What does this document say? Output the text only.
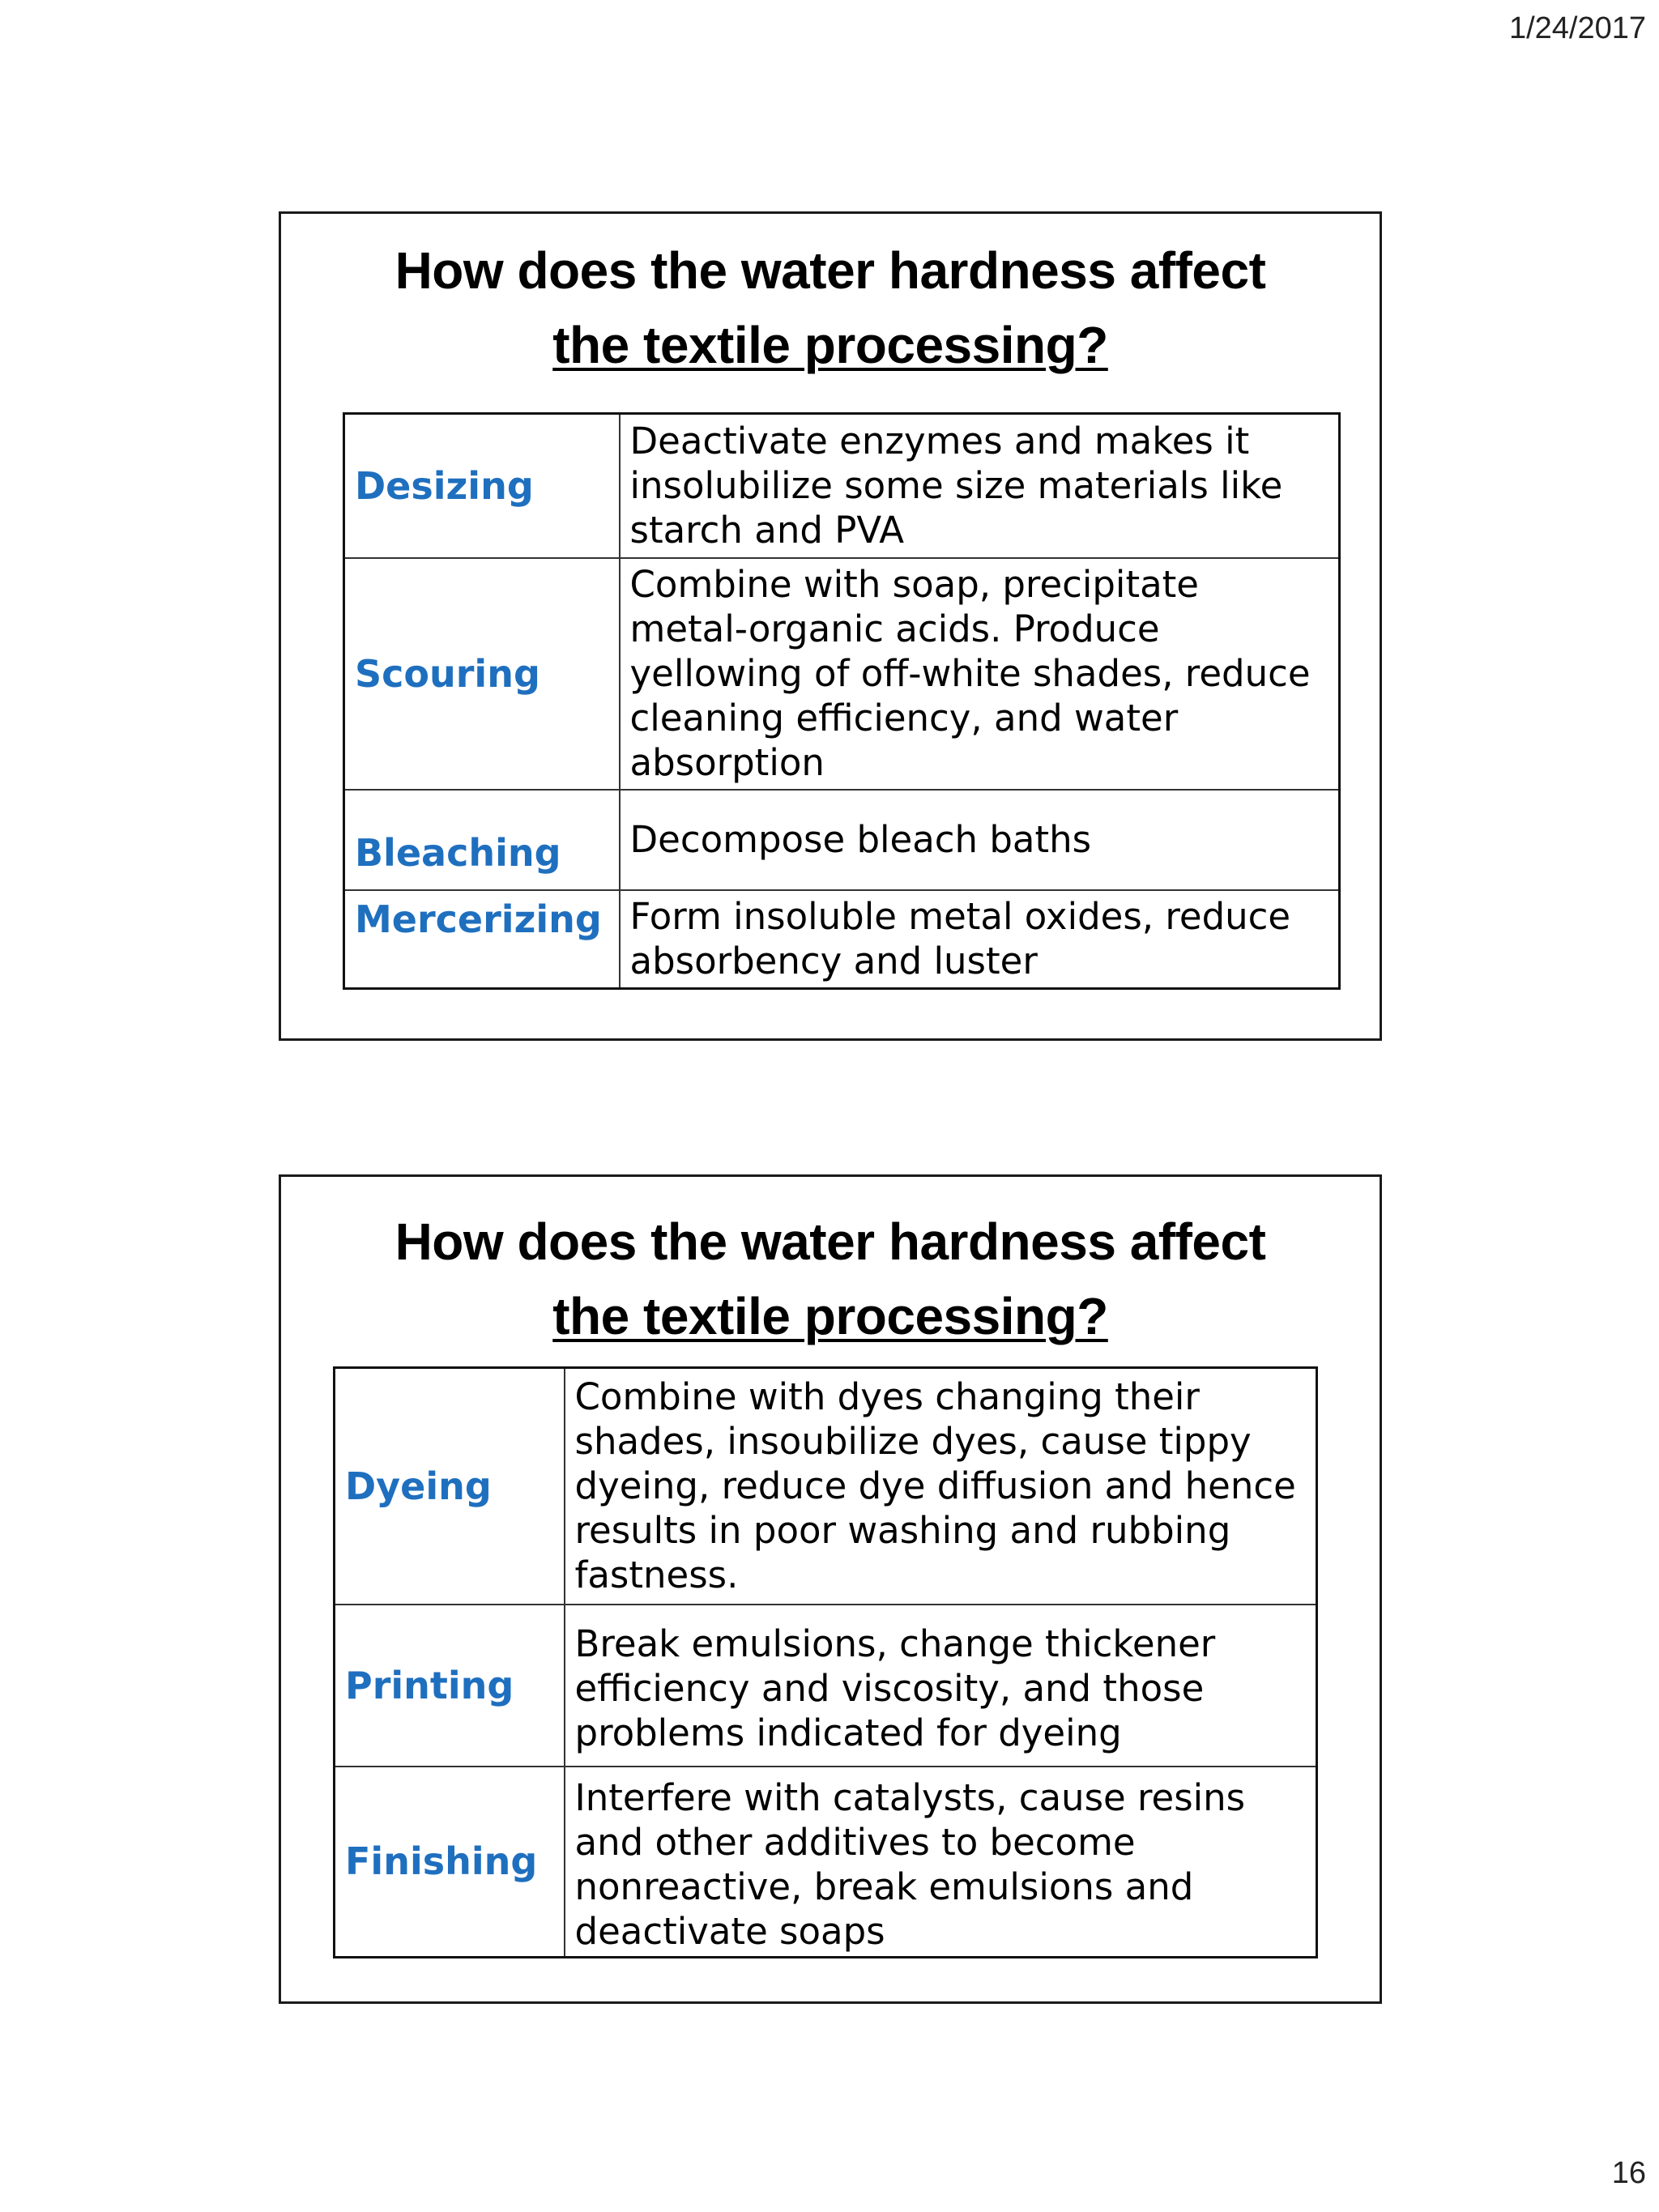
1/24/2017
How does the water hardness affect
the textile processing?
Desizing	Deactivate enzymes and makes it insolubilize some size materials like starch and PVA
Scouring	Combine with soap, precipitate metal-organic acids. Produce yellowing of off-white shades, reduce cleaning efficiency, and water absorption
Bleaching	Decompose bleach baths
Mercerizing	Form insoluble metal oxides, reduce absorbency and luster
How does the water hardness affect
the textile processing?
Dyeing	Combine with dyes changing their shades, insoubilize dyes, cause tippy dyeing, reduce dye diffusion and hence results in poor washing and rubbing fastness.
Printing	Break emulsions, change thickener efficiency and viscosity, and those problems indicated for dyeing
Finishing	Interfere with catalysts, cause resins and other additives to become nonreactive, break emulsions and deactivate soaps
16
